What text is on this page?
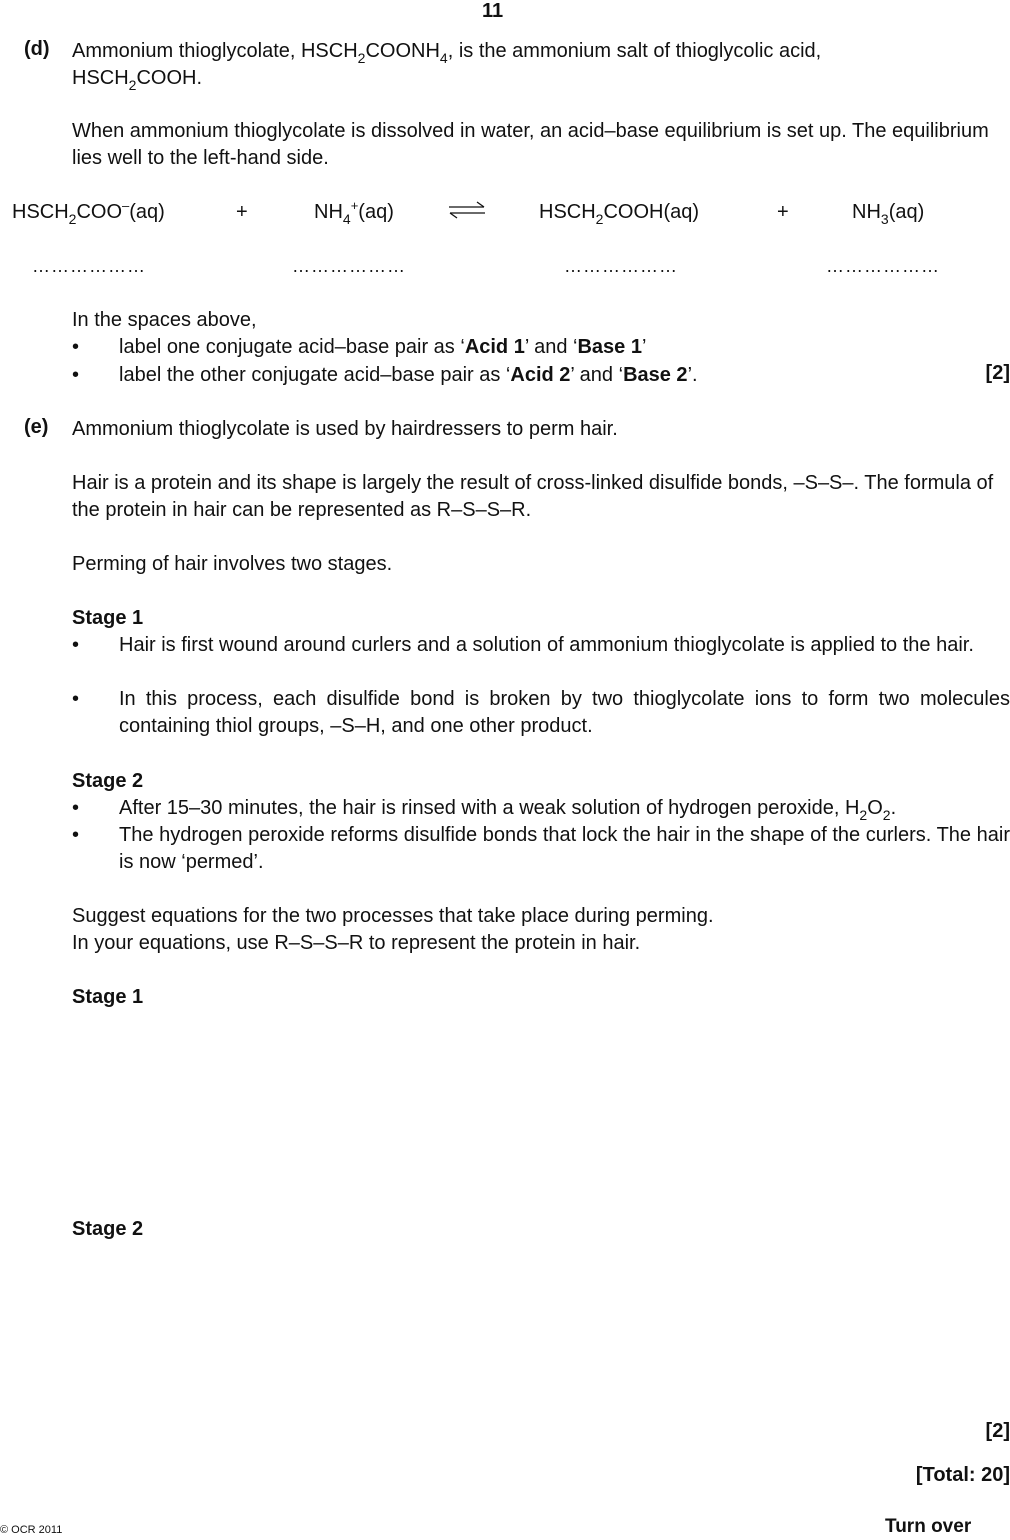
11
(d) Ammonium thioglycolate, $HSCH_2COONH_4$, is the ammonium salt of thioglycolic acid,
$HSCH_2COOH$.
When ammonium thioglycolate is dissolved in water, an acid–base equilibrium is set up. The equilibrium lies well to the left-hand side.
$HSCH_2COO^-(aq)$	+	$NH_4^+(aq)$	$HSCH_2COOH(aq)$	+	$NH_3(aq)$
………………	………………	………………	………………
In the spaces above,
• label one conjugate acid–base pair as ‘Acid 1’ and ‘Base 1’
• label the other conjugate acid–base pair as ‘Acid 2’ and ‘Base 2’.	[2]
(e) Ammonium thioglycolate is used by hairdressers to perm hair.
Hair is a protein and its shape is largely the result of cross-linked disulfide bonds, –S–S–. The formula of the protein in hair can be represented as R–S–S–R.
Perming of hair involves two stages.
Stage 1
• Hair is first wound around curlers and a solution of ammonium thioglycolate is applied to the hair.
• In this process, each disulfide bond is broken by two thioglycolate ions to form two molecules containing thiol groups, –S–H, and one other product.
Stage 2
• After 15–30 minutes, the hair is rinsed with a weak solution of hydrogen peroxide, $H_2O_2$.
• The hydrogen peroxide reforms disulfide bonds that lock the hair in the shape of the curlers. The hair is now ‘permed’.
Suggest equations for the two processes that take place during perming.
In your equations, use R–S–S–R to represent the protein in hair.
Stage 1
Stage 2
[2]
[Total: 20]
© OCR 2011	Turn over
